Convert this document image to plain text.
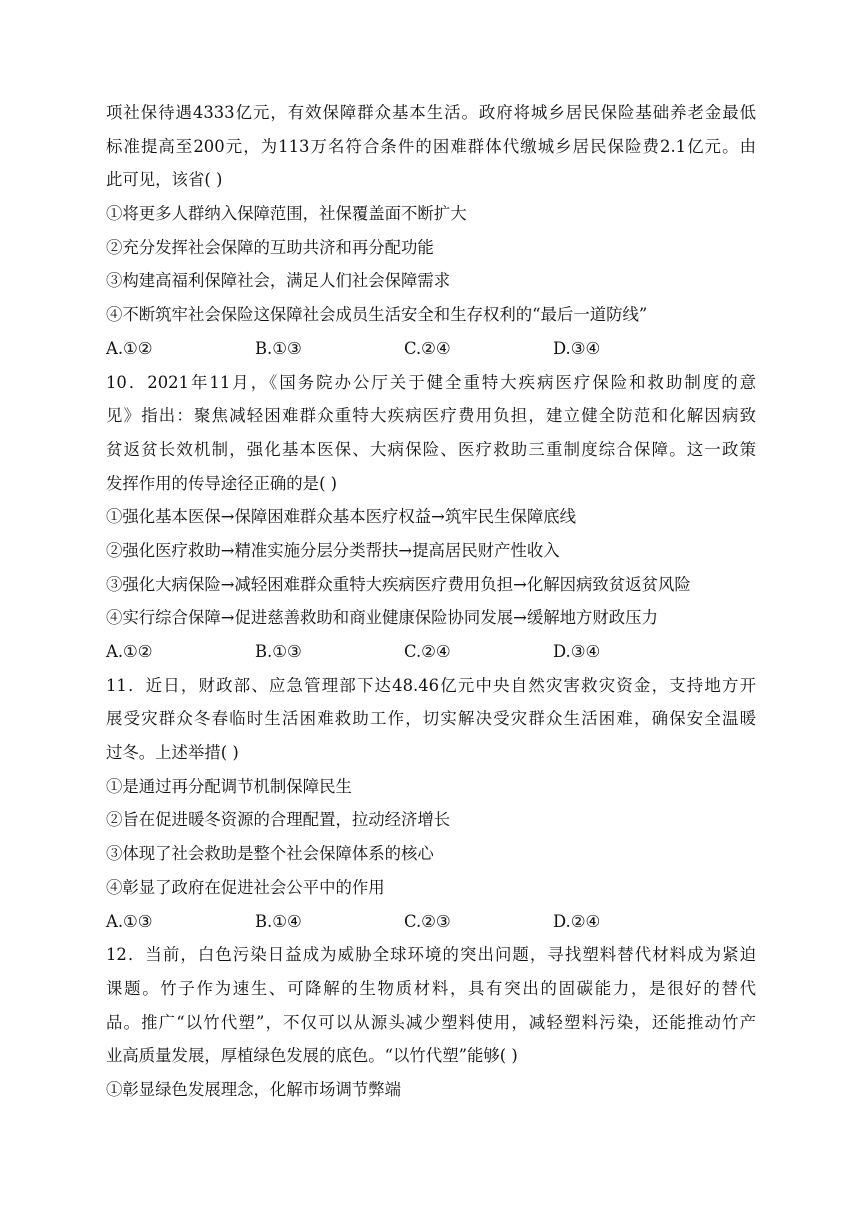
项社保待遇4333亿元，有效保障群众基本生活。政府将城乡居民保险基础养老金最低
标准提高至200元，为113万名符合条件的困难群体代缴城乡居民保险费2.1亿元。由
此可见，该省( )
①将更多人群纳入保障范围，社保覆盖面不断扩大
②充分发挥社会保障的互助共济和再分配功能
③构建高福利保障社会，满足人们社会保障需求
④不断筑牢社会保险这保障社会成员生活安全和生存权利的“最后一道防线”
A.①②	B.①③	C.②④	D.③④
10．2021年11月，《国务院办公厅关于健全重特大疾病医疗保险和救助制度的意
见》指出：聚焦减轻困难群众重特大疾病医疗费用负担，建立健全防范和化解因病致
贫返贫长效机制，强化基本医保、大病保险、医疗救助三重制度综合保障。这一政策
发挥作用的传导途径正确的是( )
①强化基本医保→保障困难群众基本医疗权益→筑牢民生保障底线
②强化医疗救助→精准实施分层分类帮扶→提高居民财产性收入
③强化大病保险→减轻困难群众重特大疾病医疗费用负担→化解因病致贫返贫风险
④实行综合保障→促进慈善救助和商业健康保险协同发展→缓解地方财政压力
A.①②	B.①③	C.②④	D.③④
11．近日，财政部、应急管理部下达48.46亿元中央自然灾害救灾资金，支持地方开
展受灾群众冬春临时生活困难救助工作，切实解决受灾群众生活困难，确保安全温暖
过冬。上述举措( )
①是通过再分配调节机制保障民生
②旨在促进暖冬资源的合理配置，拉动经济增长
③体现了社会救助是整个社会保障体系的核心
④彰显了政府在促进社会公平中的作用
A.①③	B.①④	C.②③	D.②④
12．当前，白色污染日益成为威胁全球环境的突出问题，寻找塑料替代材料成为紧迫
课题。竹子作为速生、可降解的生物质材料，具有突出的固碳能力，是很好的替代
品。推广“以竹代塑”，不仅可以从源头减少塑料使用，减轻塑料污染，还能推动竹产
业高质量发展，厚植绿色发展的底色。“以竹代塑”能够( )
①彰显绿色发展理念，化解市场调节弊端
